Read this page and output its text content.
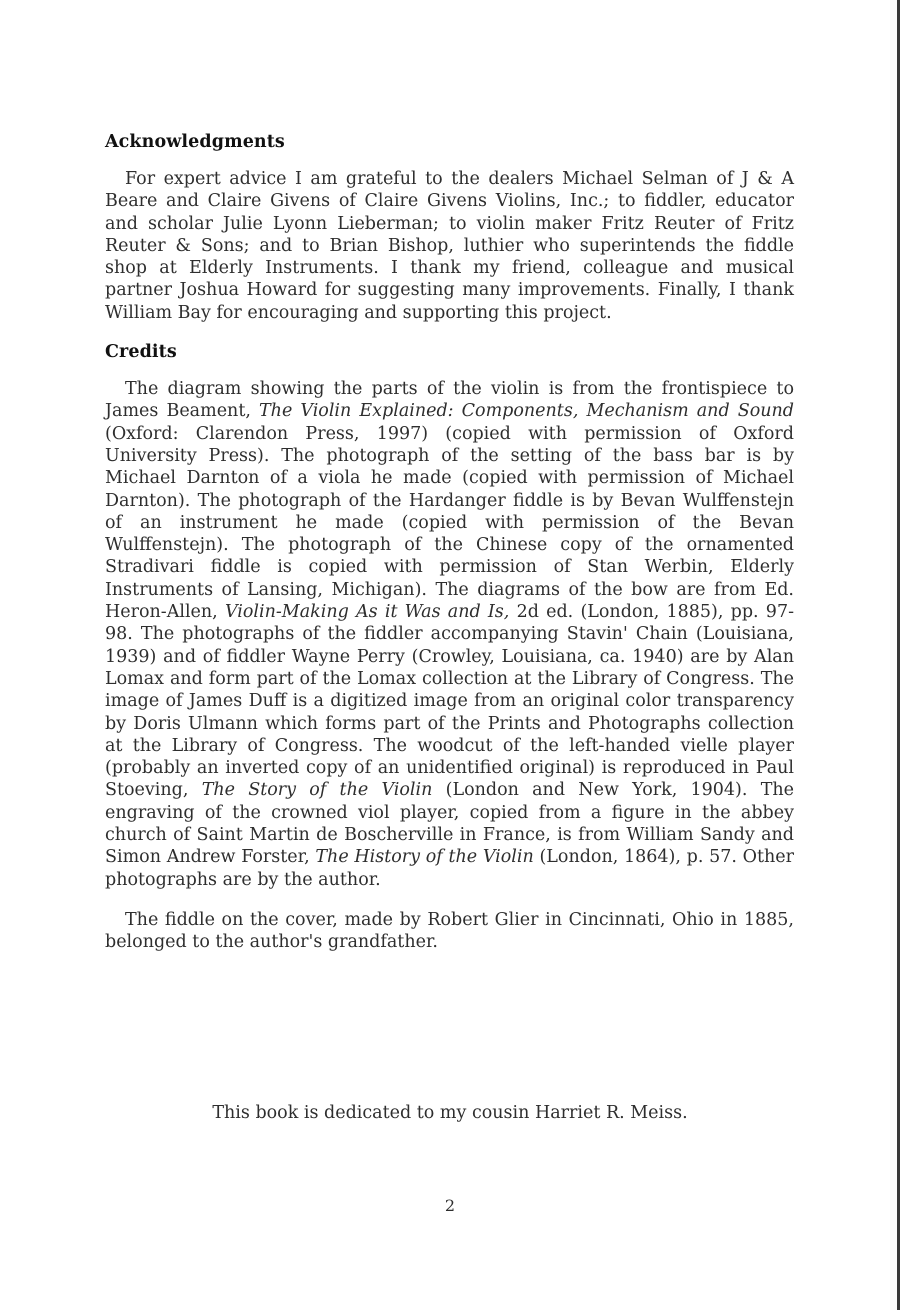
Acknowledgments

For expert advice I am grateful to the dealers Michael Selman of J & A Beare and Claire Givens of Claire Givens Violins, Inc.; to fiddler, educator and scholar Julie Lyonn Lieberman; to violin maker Fritz Reuter of Fritz Reuter & Sons; and to Brian Bishop, luthier who superintends the fiddle shop at Elderly Instruments. I thank my friend, colleague and musical partner Joshua Howard for suggesting many improvements. Finally, I thank William Bay for encouraging and supporting this project.

Credits

The diagram showing the parts of the violin is from the frontispiece to James Beament, The Violin Explained: Components, Mechanism and Sound (Oxford: Clarendon Press, 1997) (copied with permission of Oxford University Press). The photograph of the setting of the bass bar is by Michael Darnton of a viola he made (copied with permission of Michael Darnton). The photograph of the Hardanger fiddle is by Bevan Wulffenstejn of an instrument he made (copied with permission of the Bevan Wulffenstejn). The photograph of the Chinese copy of the ornamented Stradivari fiddle is copied with permission of Stan Werbin, Elderly Instruments of Lansing, Michigan). The diagrams of the bow are from Ed. Heron-Allen, Violin-Making As it Was and Is, 2d ed. (London, 1885), pp. 97-98. The photographs of the fiddler accompanying Stavin' Chain (Louisiana, 1939) and of fiddler Wayne Perry (Crowley, Louisiana, ca. 1940) are by Alan Lomax and form part of the Lomax collection at the Library of Congress. The image of James Duff is a digitized image from an original color transparency by Doris Ulmann which forms part of the Prints and Photographs collection at the Library of Congress. The woodcut of the left-handed vielle player (probably an inverted copy of an unidentified original) is reproduced in Paul Stoeving, The Story of the Violin (London and New York, 1904). The engraving of the crowned viol player, copied from a figure in the abbey church of Saint Martin de Boscherville in France, is from William Sandy and Simon Andrew Forster, The History of the Violin (London, 1864), p. 57. Other photographs are by the author.

The fiddle on the cover, made by Robert Glier in Cincinnati, Ohio in 1885, belonged to the author's grandfather.

This book is dedicated to my cousin Harriet R. Meiss.
2
